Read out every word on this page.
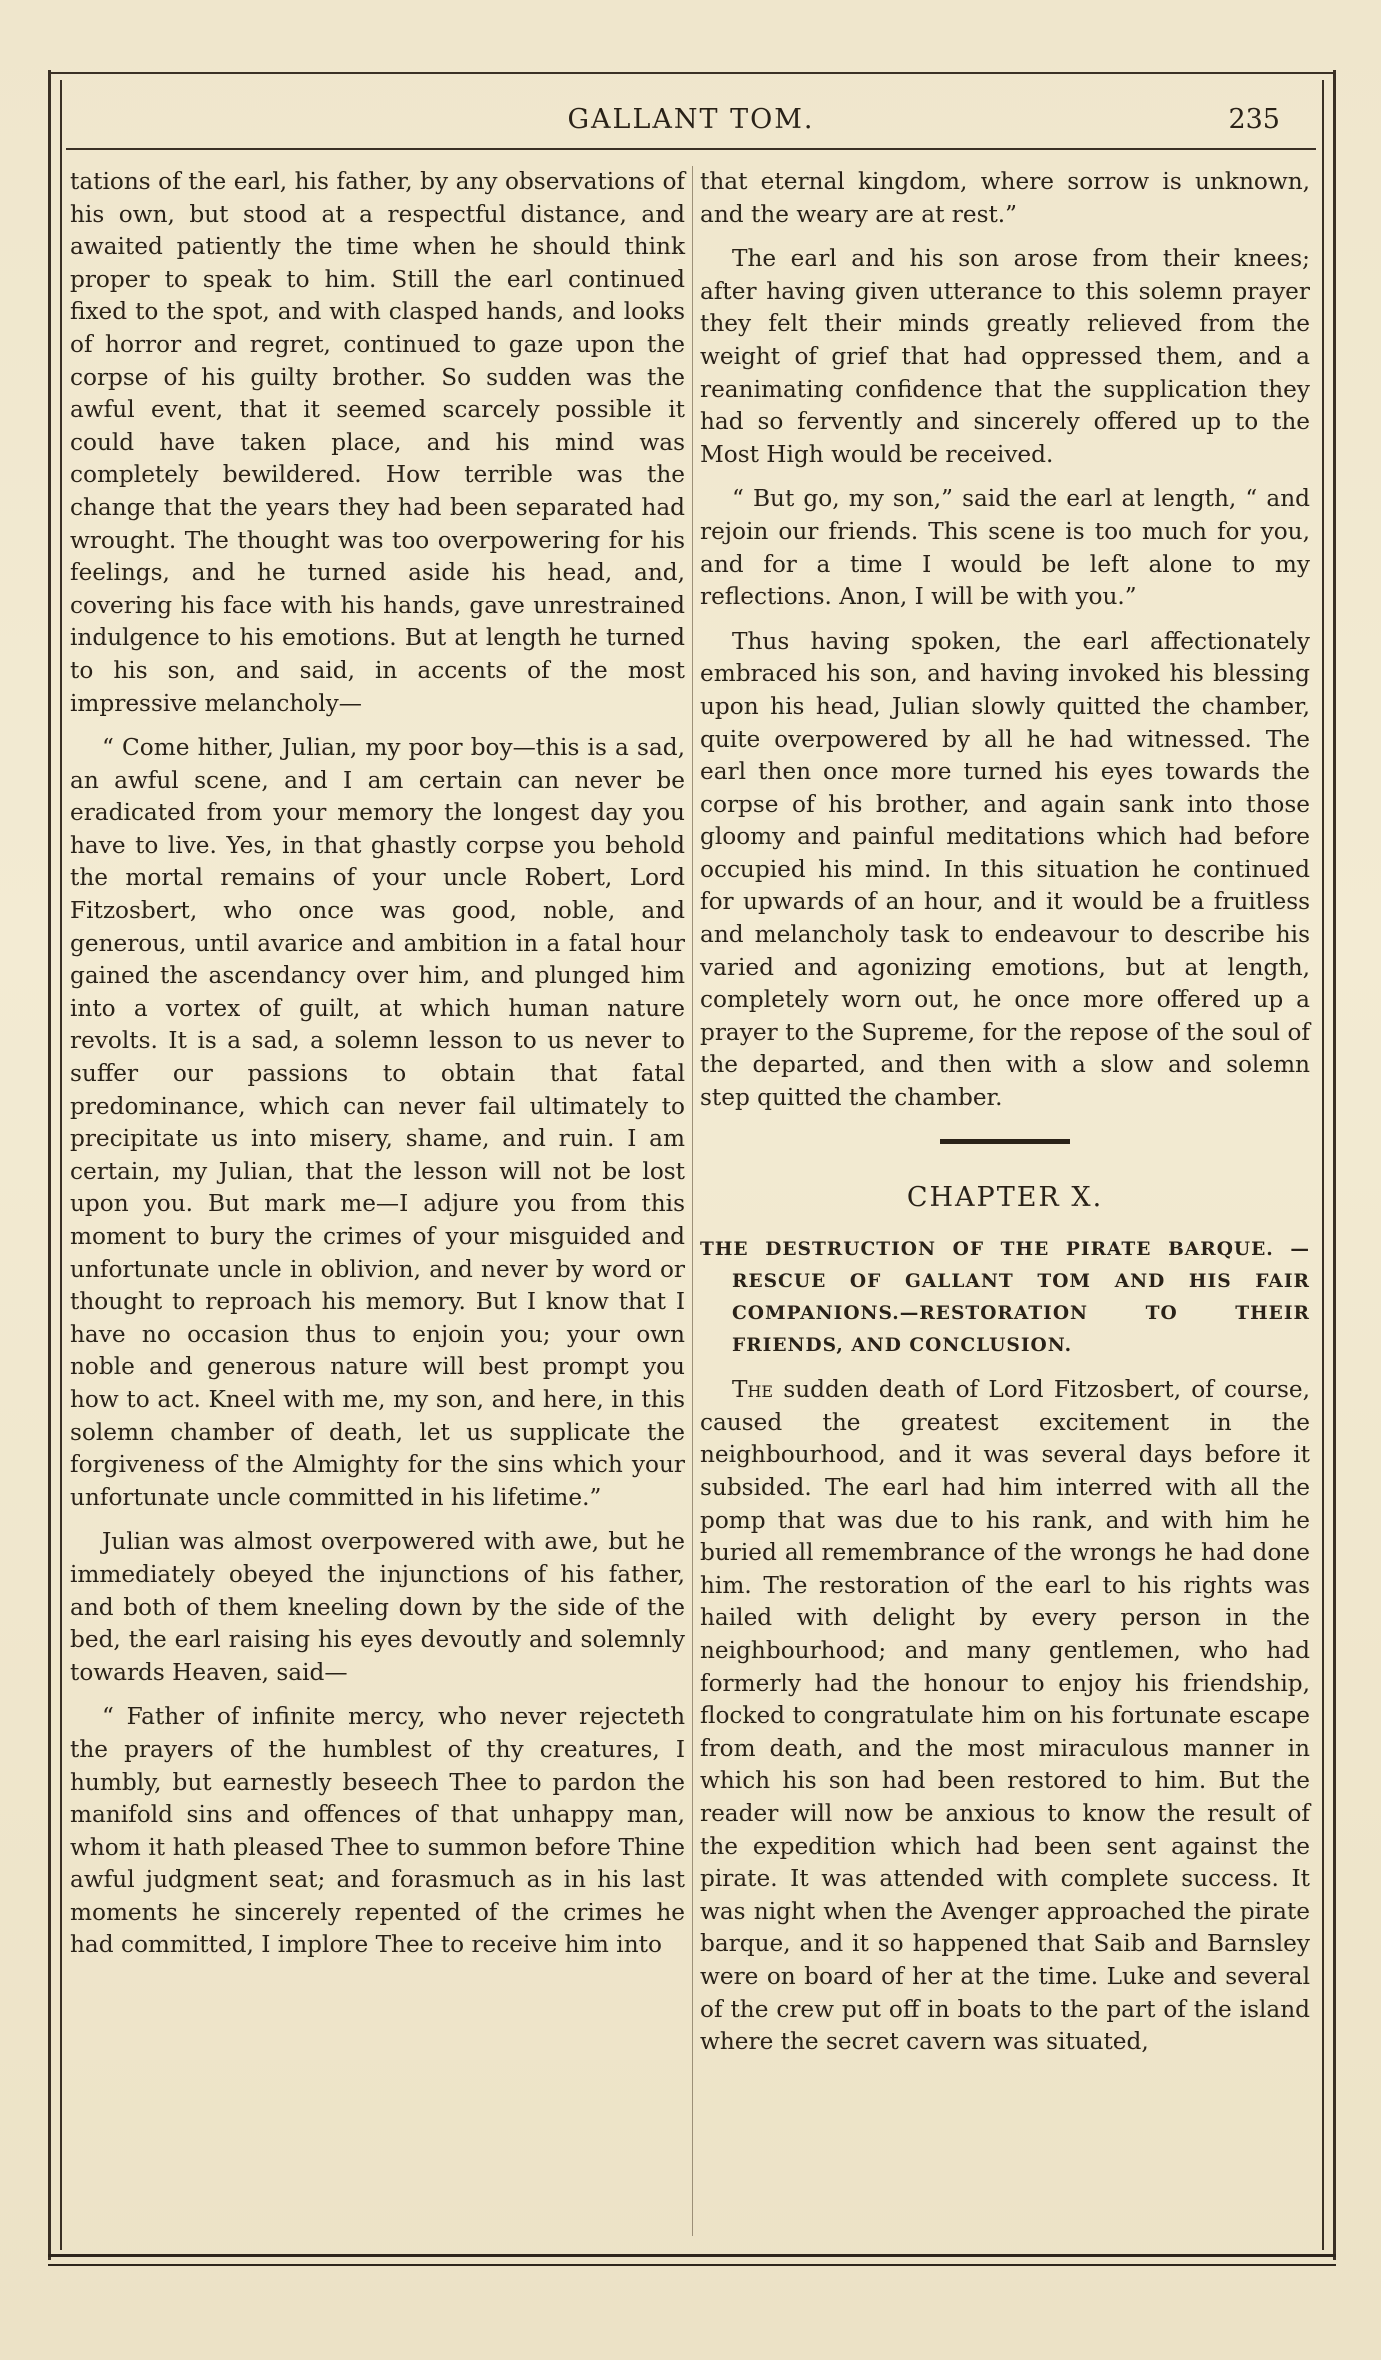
GALLANT TOM.	235

tations of the earl, his father, by any observations of his own, but stood at a respectful distance, and awaited patiently the time when he should think proper to speak to him. Still the earl continued fixed to the spot, and with clasped hands, and looks of horror and regret, continued to gaze upon the corpse of his guilty brother. So sudden was the awful event, that it seemed scarcely possible it could have taken place, and his mind was completely bewildered. How terrible was the change that the years they had been separated had wrought. The thought was too overpowering for his feelings, and he turned aside his head, and, covering his face with his hands, gave unrestrained indulgence to his emotions. But at length he turned to his son, and said, in accents of the most impressive melancholy—

“ Come hither, Julian, my poor boy—this is a sad, an awful scene, and I am certain can never be eradicated from your memory the longest day you have to live. Yes, in that ghastly corpse you behold the mortal remains of your uncle Robert, Lord Fitzosbert, who once was good, noble, and generous, until avarice and ambition in a fatal hour gained the ascendancy over him, and plunged him into a vortex of guilt, at which human nature revolts. It is a sad, a solemn lesson to us never to suffer our passions to obtain that fatal predominance, which can never fail ultimately to precipitate us into misery, shame, and ruin. I am certain, my Julian, that the lesson will not be lost upon you. But mark me—I adjure you from this moment to bury the crimes of your misguided and unfortunate uncle in oblivion, and never by word or thought to reproach his memory. But I know that I have no occasion thus to enjoin you; your own noble and generous nature will best prompt you how to act. Kneel with me, my son, and here, in this solemn chamber of death, let us supplicate the forgiveness of the Almighty for the sins which your unfortunate uncle committed in his lifetime.”

Julian was almost overpowered with awe, but he immediately obeyed the injunctions of his father, and both of them kneeling down by the side of the bed, the earl raising his eyes devoutly and solemnly towards Heaven, said—

“ Father of infinite mercy, who never rejecteth the prayers of the humblest of thy creatures, I humbly, but earnestly beseech Thee to pardon the manifold sins and offences of that unhappy man, whom it hath pleased Thee to summon before Thine awful judgment seat; and forasmuch as in his last moments he sincerely repented of the crimes he had committed, I implore Thee to receive him into

that eternal kingdom, where sorrow is unknown, and the weary are at rest.”

The earl and his son arose from their knees; after having given utterance to this solemn prayer they felt their minds greatly relieved from the weight of grief that had oppressed them, and a reanimating confidence that the supplication they had so fervently and sincerely offered up to the Most High would be received.

“ But go, my son,” said the earl at length, “ and rejoin our friends. This scene is too much for you, and for a time I would be left alone to my reflections. Anon, I will be with you.”

Thus having spoken, the earl affectionately embraced his son, and having invoked his blessing upon his head, Julian slowly quitted the chamber, quite overpowered by all he had witnessed. The earl then once more turned his eyes towards the corpse of his brother, and again sank into those gloomy and painful meditations which had before occupied his mind. In this situation he continued for upwards of an hour, and it would be a fruitless and melancholy task to endeavour to describe his varied and agonizing emotions, but at length, completely worn out, he once more offered up a prayer to the Supreme, for the repose of the soul of the departed, and then with a slow and solemn step quitted the chamber.

CHAPTER X.
THE DESTRUCTION OF THE PIRATE BARQUE. —RESCUE OF GALLANT TOM AND HIS FAIR COMPANIONS.—RESTORATION TO THEIR FRIENDS, AND CONCLUSION.

The sudden death of Lord Fitzosbert, of course, caused the greatest excitement in the neighbourhood, and it was several days before it subsided. The earl had him interred with all the pomp that was due to his rank, and with him he buried all remembrance of the wrongs he had done him. The restoration of the earl to his rights was hailed with delight by every person in the neighbourhood; and many gentlemen, who had formerly had the honour to enjoy his friendship, flocked to congratulate him on his fortunate escape from death, and the most miraculous manner in which his son had been restored to him. But the reader will now be anxious to know the result of the expedition which had been sent against the pirate. It was attended with complete success. It was night when the Avenger approached the pirate barque, and it so happened that Saib and Barnsley were on board of her at the time. Luke and several of the crew put off in boats to the part of the island where the secret cavern was situated,
